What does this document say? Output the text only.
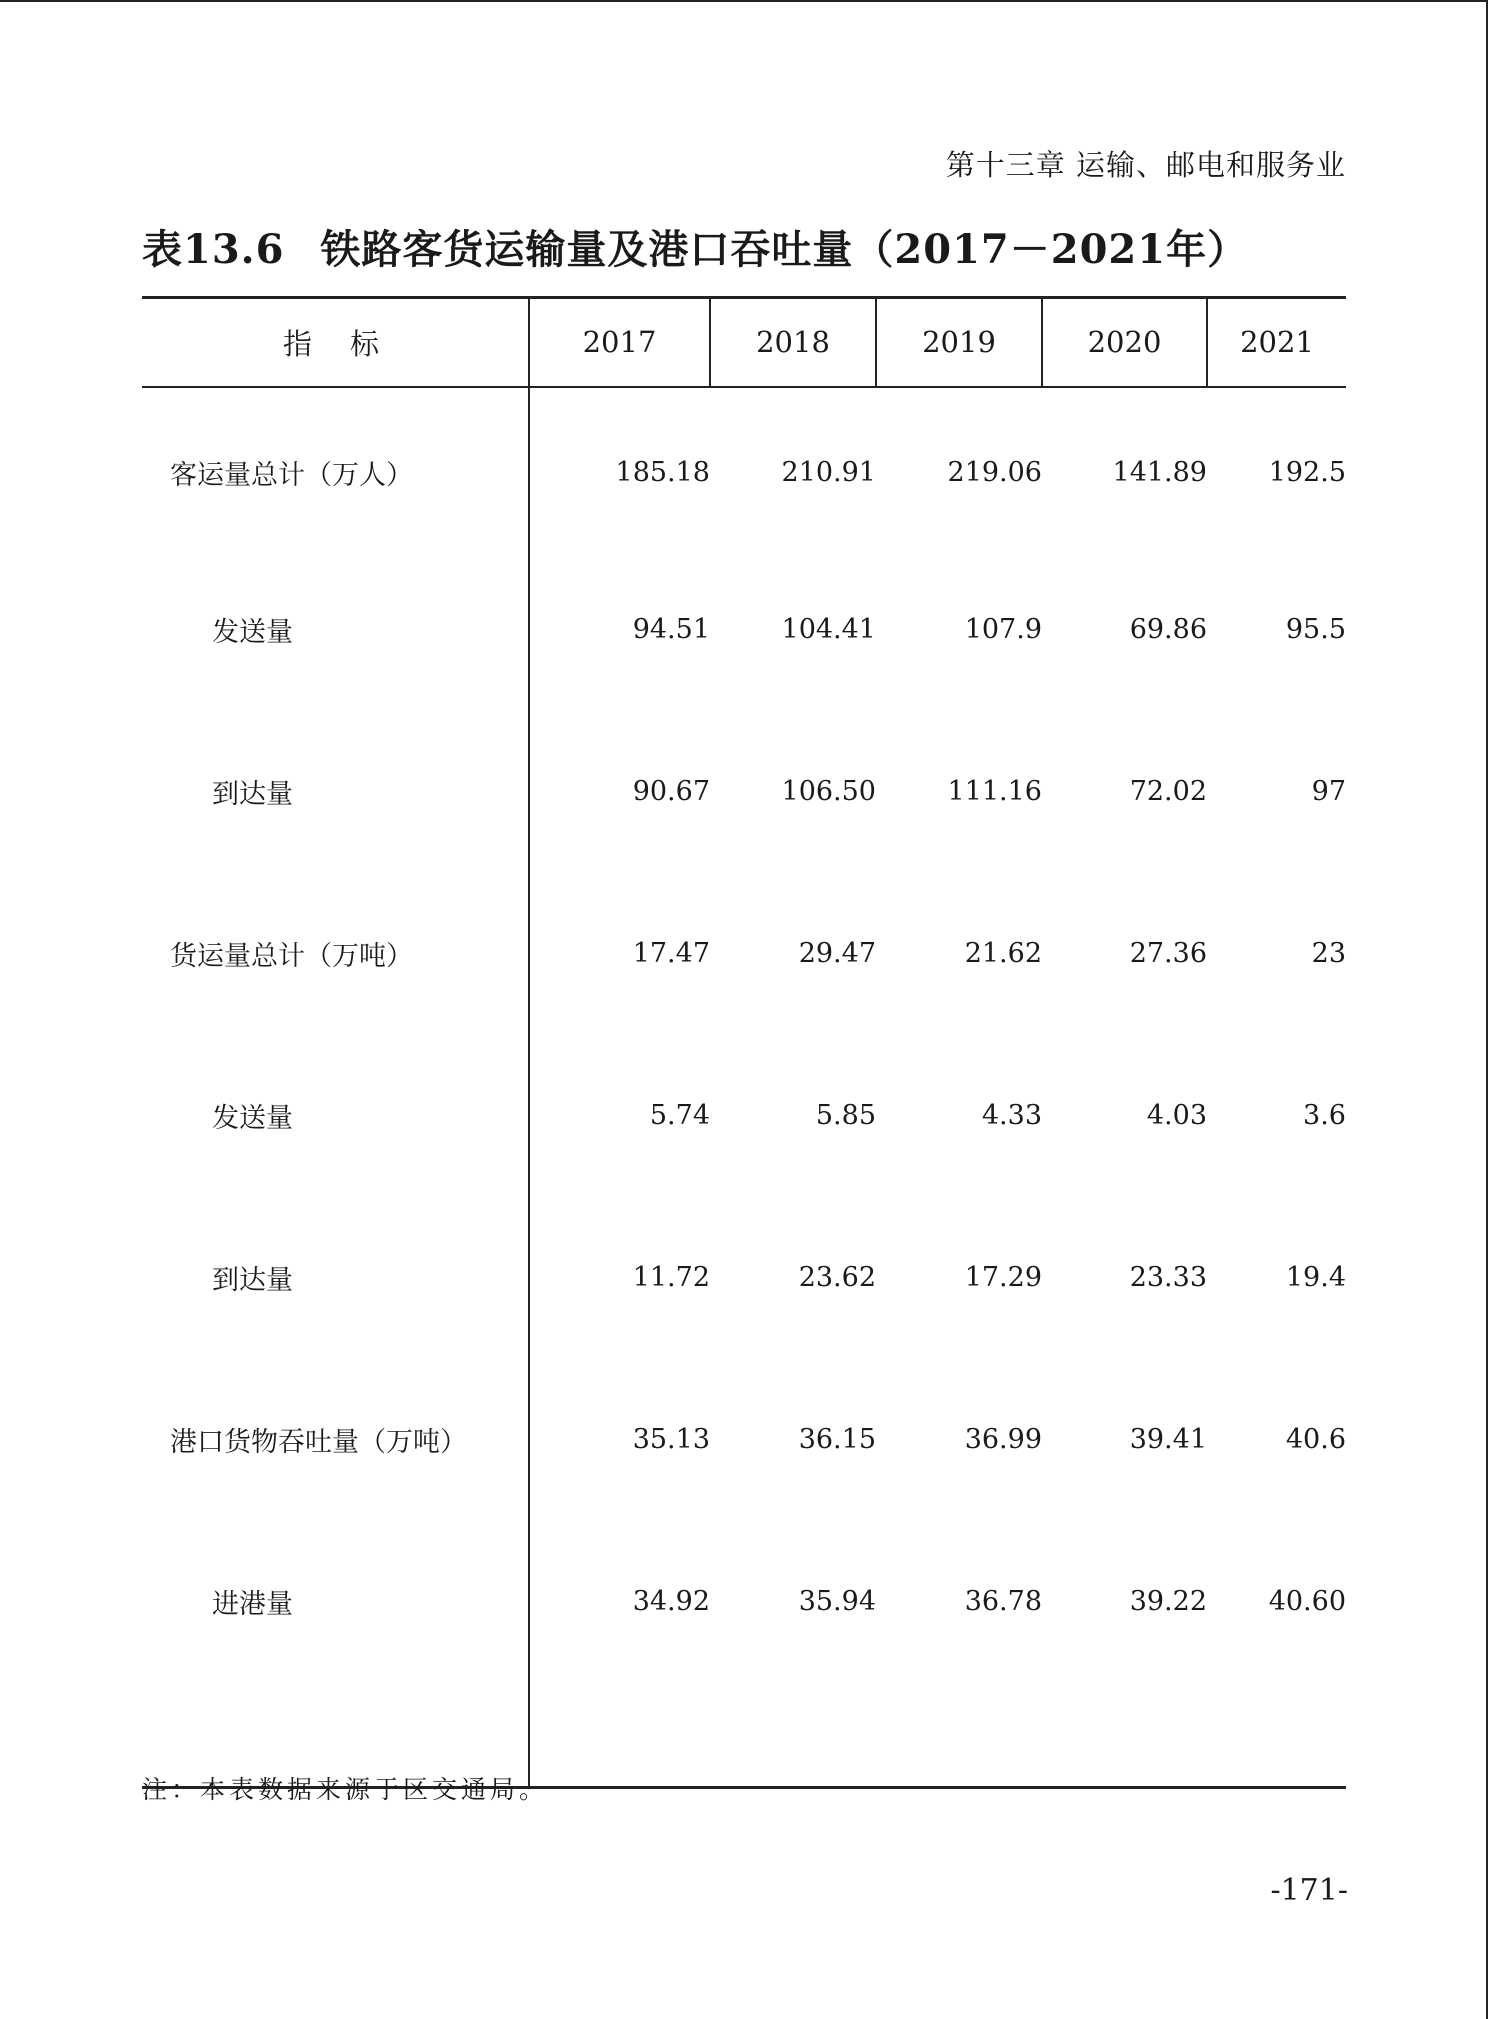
第十三章 运输、邮电和服务业
表13.6 铁路客货运输量及港口吞吐量（2017－2021年）
指标	2017	2018	2019	2020	2021
客运量总计（万人）	185.18	210.91	219.06	141.89	192.5
发送量	94.51	104.41	107.9	69.86	95.5
到达量	90.67	106.50	111.16	72.02	97
货运量总计（万吨）	17.47	29.47	21.62	27.36	23
发送量	5.74	5.85	4.33	4.03	3.6
到达量	11.72	23.62	17.29	23.33	19.4
港口货物吞吐量（万吨）	35.13	36.15	36.99	39.41	40.6
进港量	34.92	35.94	36.78	39.22	40.60

注：本表数据来源于区交通局。
-171-
